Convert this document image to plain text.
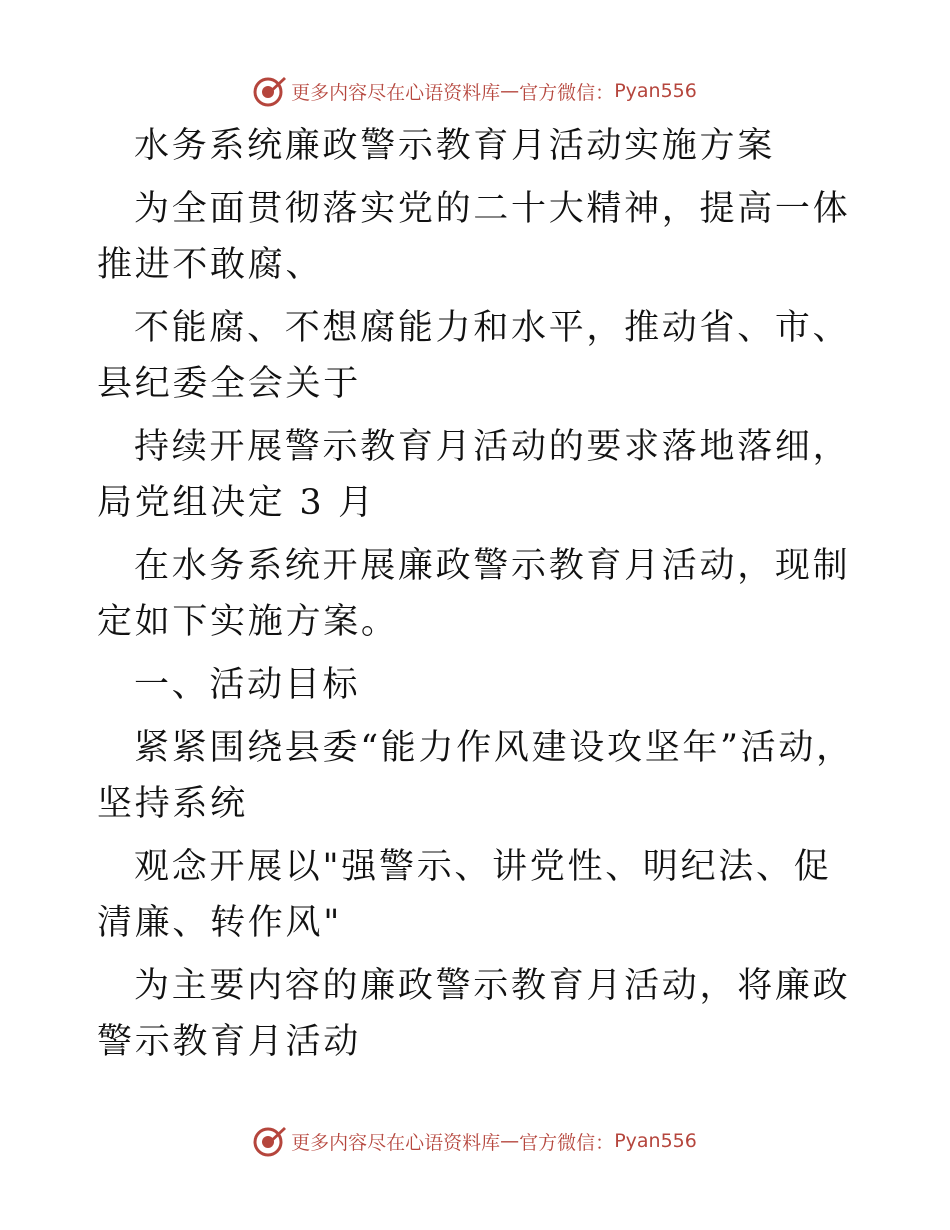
更多内容尽在心语资料库 — 官方微信： Pyan556

水务系统廉政警示教育月活动实施方案

为全面贯彻落实党的二十大精神，提高一体推进不敢腐、

不能腐、不想腐能力和水平，推动省、市、县纪委全会关于

持续开展警示教育月活动的要求落地落细，局党组决定 3 月

在水务系统开展廉政警示教育月活动，现制定如下实施方案。

一、活动目标

紧紧围绕县委“能力作风建设攻坚年”活动，坚持系统

观念开展以"强警示、讲党性、明纪法、促清廉、转作风"

为主要内容的廉政警示教育月活动，将廉政警示教育月活动

更多内容尽在心语资料库 — 官方微信： Pyan556
